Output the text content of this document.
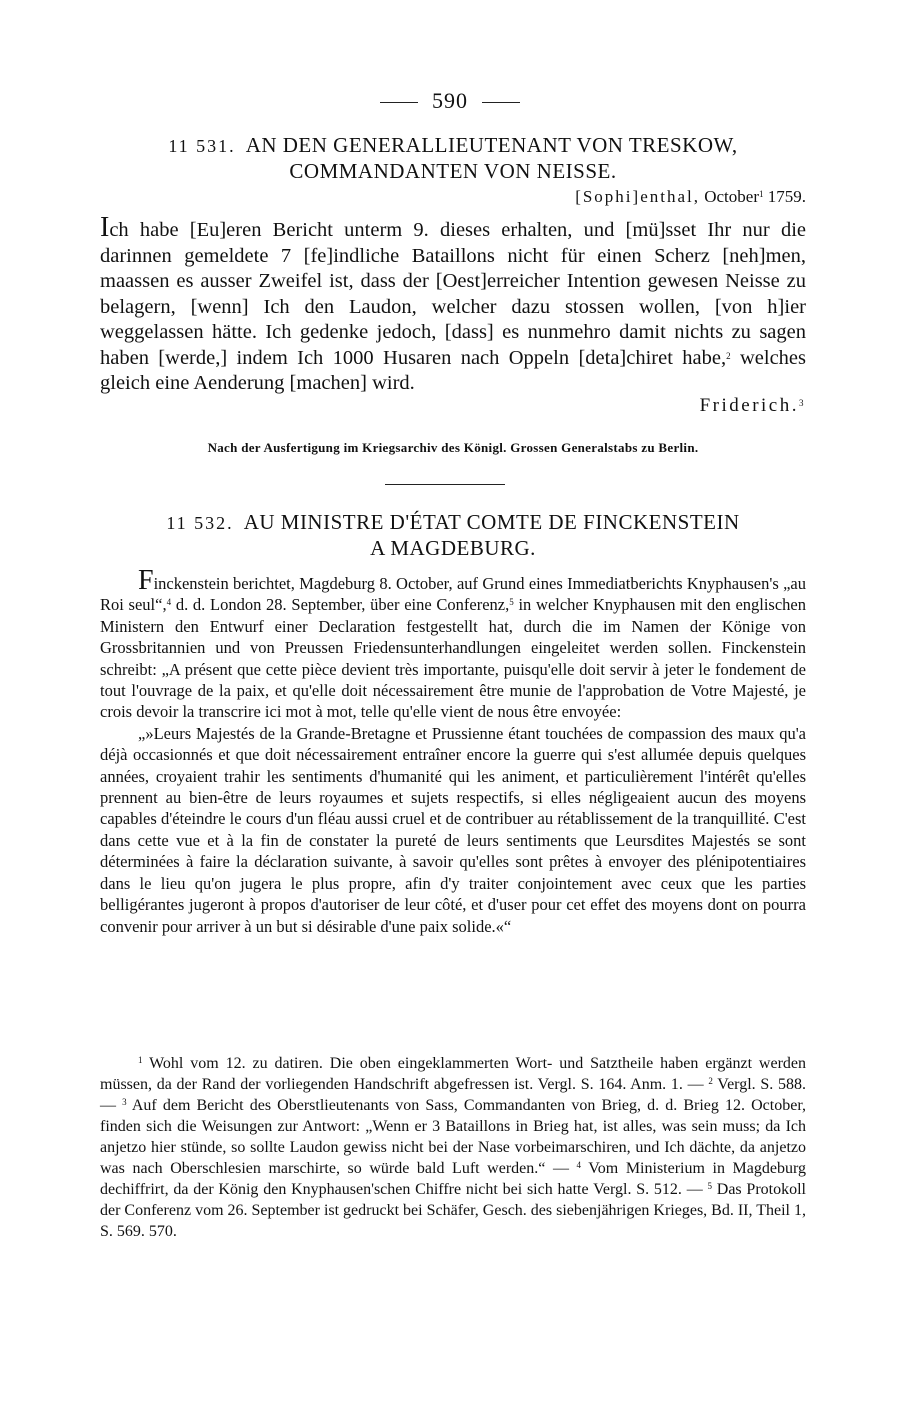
590
11 531. AN DEN GENERALLIEUTENANT VON TRESKOW,
COMMANDANTEN VON NEISSE.
[Sophi]enthal, October$^1$ 1759.
Ich habe [Eu]eren Bericht unterm 9. dieses erhalten, und [mü]sset Ihr nur die darinnen gemeldete 7 [fe]indliche Bataillons nicht für einen Scherz [neh]men, maassen es ausser Zweifel ist, dass der [Oest]erreicher Intention gewesen Neisse zu belagern, [wenn] Ich den Laudon, welcher dazu stossen wollen, [von h]ier weggelassen hätte. Ich gedenke jedoch, [dass] es nunmehro damit nichts zu sagen haben [werde,] indem Ich 1000 Husaren nach Oppeln [deta]chiret habe,$^2$ welches gleich eine Aenderung [machen] wird.
Friderich.$^3$
Nach der Ausfertigung im Kriegsarchiv des Königl. Grossen Generalstabs zu Berlin.
11 532. AU MINISTRE D'ÉTAT COMTE DE FINCKENSTEIN
A MAGDEBURG.

Finckenstein berichtet, Magdeburg 8. October, auf Grund eines Immediatberichts Knyphausen's „au Roi seul“,$^4$ d. d. London 28. September, über eine Conferenz,$^5$ in welcher Knyphausen mit den englischen Ministern den Entwurf einer Declaration festgestellt hat, durch die im Namen der Könige von Grossbritannien und von Preussen Friedensunterhandlungen eingeleitet werden sollen. Finckenstein schreibt: „A présent que cette pièce devient très importante, puisqu'elle doit servir à jeter le fondement de tout l'ouvrage de la paix, et qu'elle doit nécessairement être munie de l'approbation de Votre Majesté, je crois devoir la transcrire ici mot à mot, telle qu'elle vient de nous être envoyée:

„»Leurs Majestés de la Grande-Bretagne et Prussienne étant touchées de compassion des maux qu'a déjà occasionnés et que doit nécessairement entraîner encore la guerre qui s'est allumée depuis quelques années, croyaient trahir les sentiments d'humanité qui les animent, et particulièrement l'intérêt qu'elles prennent au bien-être de leurs royaumes et sujets respectifs, si elles négligeaient aucun des moyens capables d'éteindre le cours d'un fléau aussi cruel et de contribuer au rétablissement de la tranquillité. C'est dans cette vue et à la fin de constater la pureté de leurs sentiments que Leursdites Majestés se sont déterminées à faire la déclaration suivante, à savoir qu'elles sont prêtes à envoyer des plénipotentiaires dans le lieu qu'on jugera le plus propre, afin d'y traiter conjointement avec ceux que les parties belligérantes jugeront à propos d'autoriser de leur côté, et d'user pour cet effet des moyens dont on pourra convenir pour arriver à un but si désirable d'une paix solide.«“

$^1$ Wohl vom 12. zu datiren. Die oben eingeklammerten Wort- und Satztheile haben ergänzt werden müssen, da der Rand der vorliegenden Handschrift abgefressen ist. Vergl. S. 164. Anm. 1. — $^2$ Vergl. S. 588. — $^3$ Auf dem Bericht des Oberstlieutenants von Sass, Commandanten von Brieg, d. d. Brieg 12. October, finden sich die Weisungen zur Antwort: „Wenn er 3 Bataillons in Brieg hat, ist alles, was sein muss; da Ich anjetzo hier stünde, so sollte Laudon gewiss nicht bei der Nase vorbeimarschiren, und Ich dächte, da anjetzo was nach Oberschlesien marschirte, so würde bald Luft werden.“ — $^4$ Vom Ministerium in Magdeburg dechiffrirt, da der König den Knyphausen'schen Chiffre nicht bei sich hatte Vergl. S. 512. — $^5$ Das Protokoll der Conferenz vom 26. September ist gedruckt bei Schäfer, Gesch. des siebenjährigen Krieges, Bd. II, Theil 1, S. 569. 570.
